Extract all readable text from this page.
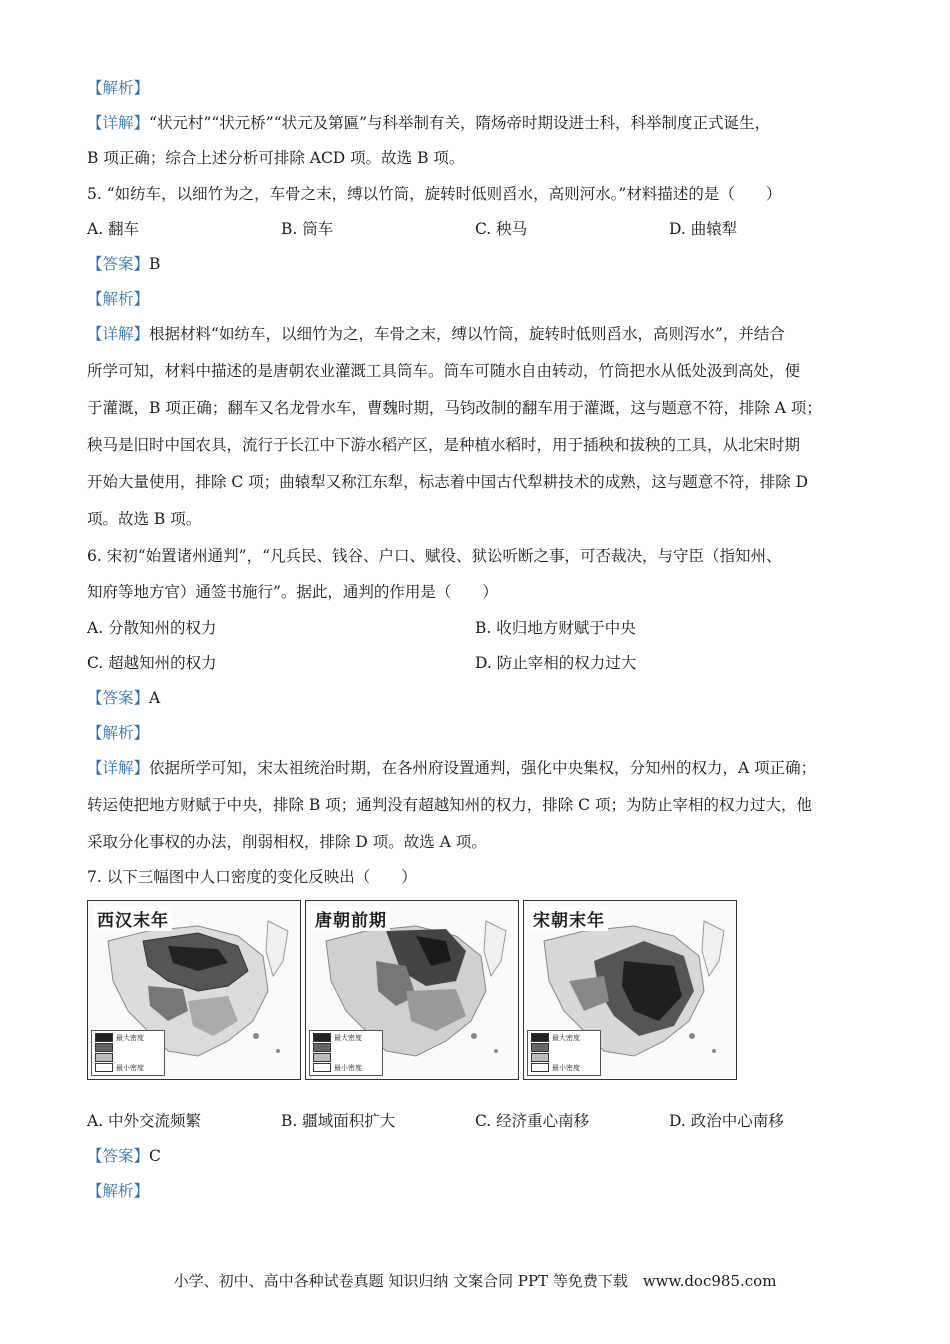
【解析】
【详解】“状元村”“状元桥”“状元及第匾”与科举制有关，隋炀帝时期设进士科，科举制度正式诞生，
B 项正确；综合上述分析可排除 ACD 项。故选 B 项。
5. “如纺车，以细竹为之，车骨之末，缚以竹筒，旋转时低则舀水，高则河水。”材料描述的是（　　）
A. 翻车	B. 筒车	C. 秧马	D. 曲辕犁
【答案】B
【解析】
【详解】根据材料“如纺车，以细竹为之，车骨之末，缚以竹筒，旋转时低则舀水，高则泻水”，并结合
所学可知，材料中描述的是唐朝农业灌溉工具筒车。筒车可随水自由转动，竹筒把水从低处汲到高处，便
于灌溉，B 项正确；翻车又名龙骨水车，曹魏时期，马钧改制的翻车用于灌溉，这与题意不符，排除 A 项；
秧马是旧时中国农具，流行于长江中下游水稻产区，是种植水稻时，用于插秧和拔秧的工具，从北宋时期
开始大量使用，排除 C 项；曲辕犁又称江东犁，标志着中国古代犁耕技术的成熟，这与题意不符，排除 D
项。故选 B 项。
6. 宋初“始置诸州通判”，“凡兵民、钱谷、户口、赋役、狱讼听断之事，可否裁决，与守臣（指知州、
知府等地方官）通签书施行”。据此，通判的作用是（　　）
A. 分散知州的权力	B. 收归地方财赋于中央
C. 超越知州的权力	D. 防止宰相的权力过大
【答案】A
【解析】
【详解】依据所学可知，宋太祖统治时期，在各州府设置通判，强化中央集权，分知州的权力，A 项正确；
转运使把地方财赋于中央，排除 B 项；通判没有超越知州的权力，排除 C 项；为防止宰相的权力过大，他
采取分化事权的办法，削弱相权，排除 D 项。故选 A 项。
7. 以下三幅图中人口密度的变化反映出（　　）
西汉末年
最大密度
最小密度
唐朝前期
最大密度
最小密度
宋朝末年
最大密度
最小密度
A. 中外交流频繁	B. 疆域面积扩大	C. 经济重心南移	D. 政治中心南移
【答案】C
【解析】
小学、初中、高中各种试卷真题 知识归纳 文案合同 PPT 等免费下载　www.doc985.com
